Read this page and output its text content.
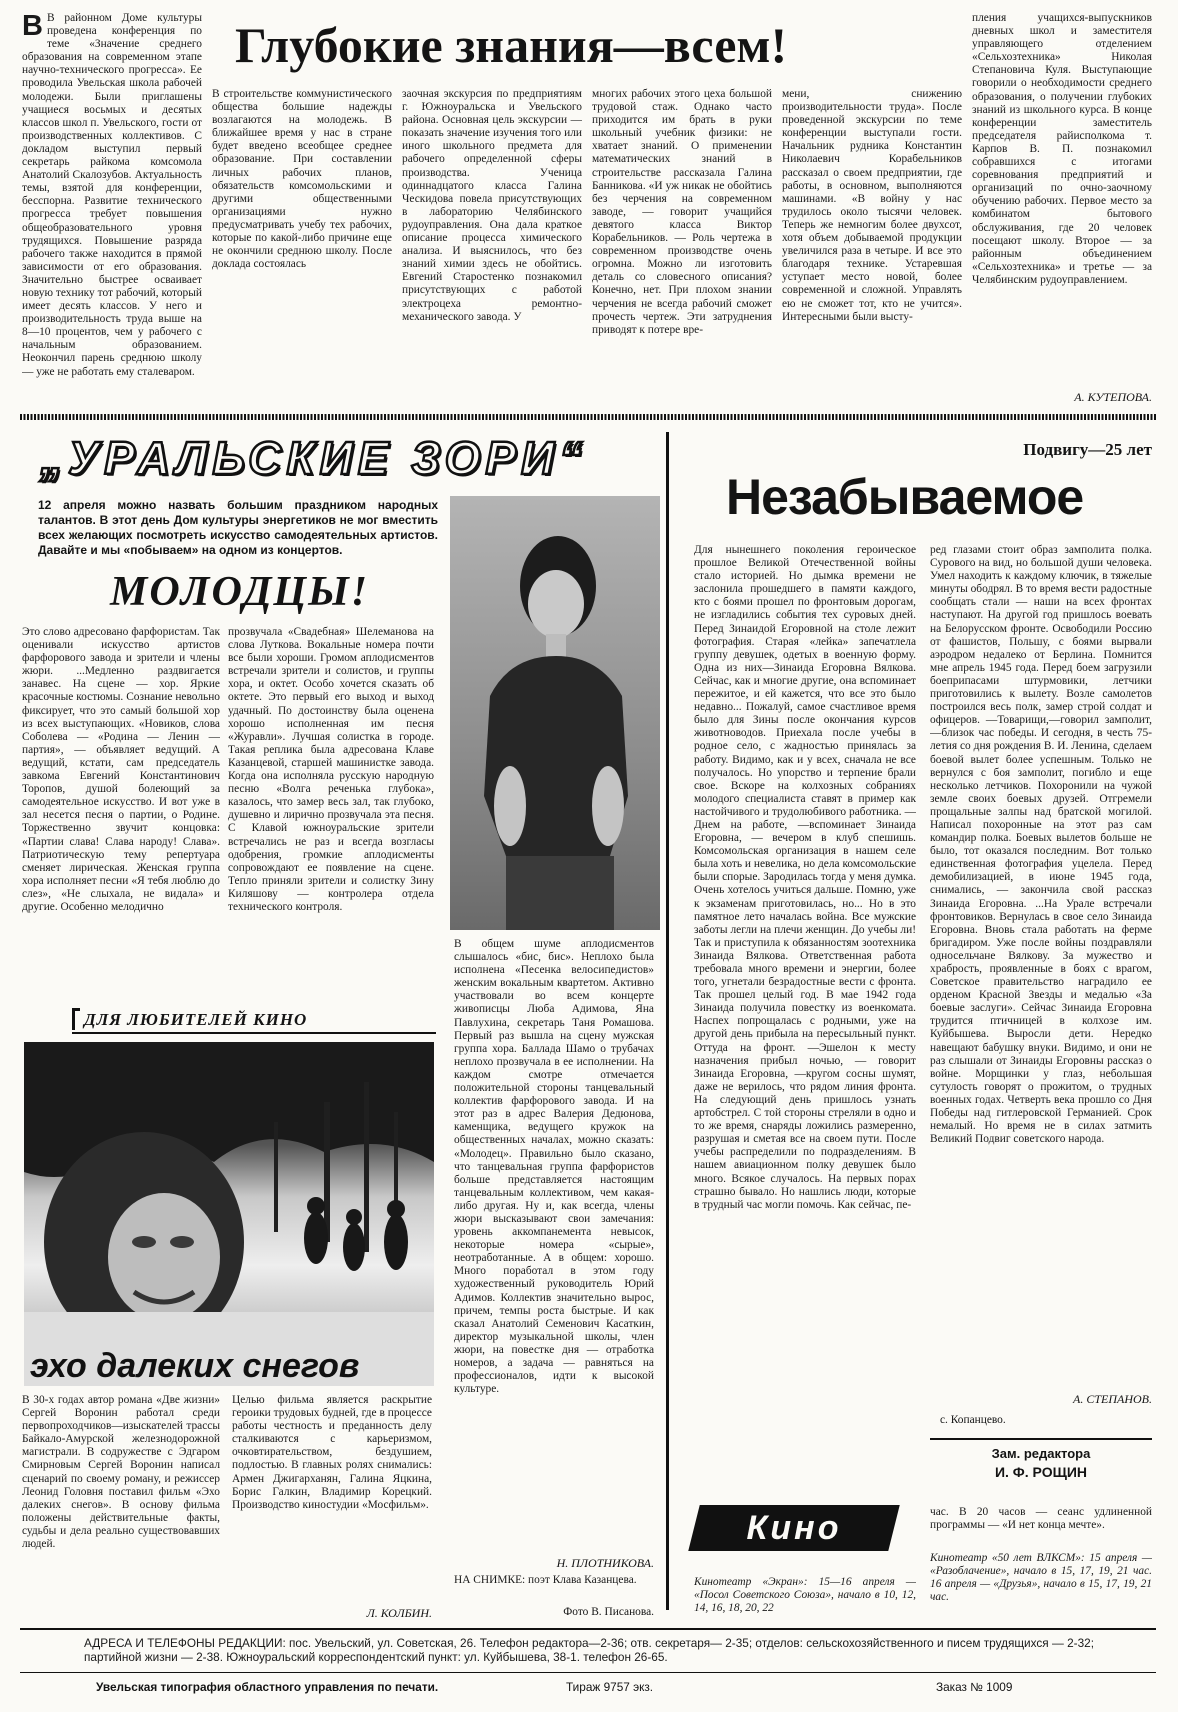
Глубокие знания—всем!
В В районном Доме культуры проведена конференция по теме «Значение среднего образования на современном этапе научно-технического прогресса». Ее проводила Увельская школа рабочей молодежи. Были приглашены учащиеся восьмых и десятых классов школ п. Увельского, гости от производственных коллективов. С докладом выступил первый секретарь райкома комсомола Анатолий Скалозубов. Актуальность темы, взятой для конференции, бесспорна. Развитие технического прогресса требует повышения общеобразовательного уровня трудящихся. Повышение разряда рабочего также находится в прямой зависимости от его образования. Значительно быстрее осваивает новую технику тот рабочий, который имеет десять классов. У него и производительность труда выше на 8—10 процентов, чем у рабочего с начальным образованием. Неокончил парень среднюю школу — уже не работать ему сталеваром.
В строительстве коммунистического общества большие надежды возлагаются на молодежь. В ближайшее время у нас в стране будет введено всеобщее среднее образование. При составлении личных рабочих планов, обязательств комсомольскими и другими общественными организациями нужно предусматривать учебу тех рабочих, которые по какой-либо причине еще не окончили среднюю школу. После доклада состоялась
заочная экскурсия по предприятиям г. Южноуральска и Увельского района. Основная цель экскурсии — показать значение изучения того или иного школьного предмета для рабочего определенной сферы производства. Ученица одиннадцатого класса Галина Ческидова повела присутствующих в лабораторию Челябинского рудоуправления. Она дала краткое описание процесса химического анализа. И выяснилось, что без знаний химии здесь не обойтись. Евгений Старостенко познакомил присутствующих с работой электроцеха ремонтно-механического завода. У
многих рабочих этого цеха большой трудовой стаж. Однако часто приходится им брать в руки школьный учебник физики: не хватает знаний. О применении математических знаний в строительстве рассказала Галина Банникова. «И уж никак не обойтись без черчения на современном заводе, — говорит учащийся девятого класса Виктор Корабельников. — Роль чертежа в современном производстве очень огромна. Можно ли изготовить деталь со словесного описания? Конечно, нет. При плохом знании черчения не всегда рабочий сможет прочесть чертеж. Эти затруднения приводят к потере вре-
мени, снижению производительности труда». После проведенной экскурсии по теме конференции выступали гости. Начальник рудника Константин Николаевич Корабельников рассказал о своем предприятии, где работы, в основном, выполняются машинами. «В войну у нас трудилось около тысячи человек. Теперь же немногим более двухсот, хотя объем добываемой продукции увеличился раза в четыре. И все это благодаря технике. Устаревшая уступает место новой, более современной и сложной. Управлять ею не сможет тот, кто не учится». Интересными были высту-
пления учащихся-выпускников дневных школ и заместителя управляющего отделением «Сельхозтехника» Николая Степановича Куля. Выступающие говорили о необходимости среднего образования, о получении глубоких знаний из школьного курса. В конце конференции заместитель председателя райисполкома т. Карпов В. П. познакомил собравшихся с итогами соревнования предприятий и организаций по очно-заочному обучению рабочих. Первое место за комбинатом бытового обслуживания, где 20 человек посещают школу. Второе — за районным объединением «Сельхозтехника» и третье — за Челябинским рудоуправлением.
А. КУТЕПОВА.
„УРАЛЬСКИЕ ЗОРИ“
12 апреля можно назвать большим праздником народных талантов. В этот день Дом культуры энергетиков не мог вместить всех желающих посмотреть искусство самодеятельных артистов. Давайте и мы «побываем» на одном из концертов.
МОЛОДЦЫ!
Это слово адресовано фарфористам. Так оценивали искусство артистов фарфорового завода и зрители и члены жюри. ...Медленно раздвигается занавес. На сцене — хор. Яркие красочные костюмы. Сознание невольно фиксирует, что это самый большой хор из всех выступающих. «Новиков, слова Соболева — «Родина — Ленин — партия», — объявляет ведущий. А ведущий, кстати, сам председатель завкома Евгений Константинович Торопов, душой болеющий за самодеятельное искусство. И вот уже в зал несется песня о партии, о Родине. Торжественно звучит концовка: «Партии слава! Слава народу! Слава». Патриотическую тему репертуара сменяет лирическая. Женская группа хора исполняет песни «Я тебя люблю до слез», «Не слыхала, не видала» и другие. Особенно мелодично
прозвучала «Свадебная» Шелеманова на слова Луткова. Вокальные номера почти все были хороши. Громом аплодисментов встречали зрители и солистов, и группы хора, и октет. Особо хочется сказать об октете. Это первый его выход и выход удачный. По достоинству была оценена хорошо исполненная им песня «Журавли». Лучшая солистка в городе. Такая реплика была адресована Клаве Казанцевой, старшей машинистке завода. Когда она исполняла русскую народную песню «Волга реченька глубока», казалось, что замер весь зал, так глубоко, душевно и лирично прозвучала эта песня. С Клавой южноуральские зрители встречались не раз и всегда возгласы одобрения, громкие аплодисменты сопровождают ее появление на сцене. Тепло приняли зрители и солистку Зину Киляшову — контролера отдела технического контроля.
В общем шуме аплодисментов слышалось «бис, бис». Неплохо была исполнена «Песенка велосипедистов» женским вокальным квартетом. Активно участвовали во всем концерте живописцы Люба Адимова, Яна Павлухина, секретарь Таня Ромашова. Первый раз вышла на сцену мужская группа хора. Баллада Шамо о трубачах неплохо прозвучала в ее исполнении. На каждом смотре отмечается положительной стороны танцевальный коллектив фарфорового завода. И на этот раз в адрес Валерия Дедюнова, каменщика, ведущего кружок на общественных началах, можно сказать: «Молодец». Правильно было сказано, что танцевальная группа фарфористов больше представляется настоящим танцевальным коллективом, чем какая-либо другая. Ну и, как всегда, члены жюри высказывают свои замечания: уровень аккомпанемента невысок, некоторые номера «сырые», неотработанные. А в общем: хорошо. Много поработал в этом году художественный руководитель Юрий Адимов. Коллектив значительно вырос, причем, темпы роста быстрые. И как сказал Анатолий Семенович Касаткин, директор музыкальной школы, член жюри, на повестке дня — отработка номеров, а задача — равняться на профессионалов, идти к высокой культуре.
Н. ПЛОТНИКОВА.
НА СНИМКЕ: поэт Клава Казанцева.
Фото В. Писанова.
ДЛЯ ЛЮБИТЕЛЕЙ КИНО
эхо далеких снегов
В 30-х годах автор романа «Две жизни» Сергей Воронин работал среди первопроходчиков—изыскателей трассы Байкало-Амурской железнодорожной магистрали. В содружестве с Эдгаром Смирновым Сергей Воронин написал сценарий по своему роману, и режиссер Леонид Головня поставил фильм «Эхо далеких снегов». В основу фильма положены действительные факты, судьбы и дела реально существовавших людей.
Целью фильма является раскрытие героики трудовых будней, где в процессе работы честность и преданность делу сталкиваются с карьеризмом, очковтирательством, бездушием, подлостью. В главных ролях снимались: Армен Джигарханян, Галина Яцкина, Борис Галкин, Владимир Корецкий. Производство киностудии «Мосфильм».
Л. КОЛБИН.
Подвигу—25 лет
Незабываемое
Для нынешнего поколения героическое прошлое Великой Отечественной войны стало историей. Но дымка времени не заслонила прошедшего в памяти каждого, кто с боями прошел по фронтовым дорогам, не изгладились события тех суровых дней. Перед Зинаидой Егоровной на столе лежит фотография. Старая «лейка» запечатлела группу девушек, одетых в военную форму. Одна из них—Зинаида Егоровна Вялкова. Сейчас, как и многие другие, она вспоминает пережитое, и ей кажется, что все это было недавно... Пожалуй, самое счастливое время было для Зины после окончания курсов животноводов. Приехала после учебы в родное село, с жадностью принялась за работу. Видимо, как и у всех, сначала не все получалось. Но упорство и терпение брали свое. Вскоре на колхозных собраниях молодого специалиста ставят в пример как настойчивого и трудолюбивого работника. —Днем на работе, —вспоминает Зинаида Егоровна, — вечером в клуб спешишь. Комсомольская организация в нашем селе была хоть и невелика, но дела комсомольские были спорые. Зародилась тогда у меня думка. Очень хотелось учиться дальше. Помню, уже к экзаменам приготовилась, но... Но в это памятное лето началась война. Все мужские заботы легли на плечи женщин. До учебы ли! Так и приступила к обязанностям зоотехника Зинаида Вялкова. Ответственная работа требовала много времени и энергии, более того, угнетали безрадостные вести с фронта. Так прошел целый год. В мае 1942 года Зинаида получила повестку из военкомата. Наспех попрощалась с родными, уже на другой день прибыла на пересыльный пункт. Оттуда на фронт. —Эшелон к месту назначения прибыл ночью, — говорит Зинаида Егоровна, —кругом сосны шумят, даже не верилось, что рядом линия фронта. На следующий день пришлось узнать артобстрел. С той стороны стреляли в одно и то же время, снаряды ложились размеренно, разрушая и сметая все на своем пути. После учебы распределили по подразделениям. В нашем авиационном полку девушек было много. Всякое случалось. На первых порах страшно бывало. Но нашлись люди, которые в трудный час могли помочь. Как сейчас, пе-
ред глазами стоит образ замполита полка. Сурового на вид, но большой души человека. Умел находить к каждому ключик, в тяжелые минуты ободрял. В то время вести радостные сообщать стали — наши на всех фронтах наступают. На другой год пришлось воевать на Белорусском фронте. Освободили Россию от фашистов, Польшу, с боями вырвали аэродром недалеко от Берлина. Помнится мне апрель 1945 года. Перед боем загрузили боеприпасами штурмовики, летчики приготовились к вылету. Возле самолетов построился весь полк, замер строй солдат и офицеров. —Товарищи,—говорил замполит, —близок час победы. И сегодня, в честь 75-летия со дня рождения В. И. Ленина, сделаем боевой вылет более успешным. Только не вернулся с боя замполит, погибло и еще несколько летчиков. Похоронили на чужой земле своих боевых друзей. Отгремели прощальные залпы над братской могилой. Написал похоронные на этот раз сам командир полка. Боевых вылетов больше не было, тот оказался последним. Вот только единственная фотография уцелела. Перед демобилизацией, в июне 1945 года, снимались, — закончила свой рассказ Зинаида Егоровна. ...На Урале встречали фронтовиков. Вернулась в свое село Зинаида Егоровна. Вновь стала работать на ферме бригадиром. Уже после войны поздравляли односельчане Вялкову. За мужество и храбрость, проявленные в боях с врагом, Советское правительство наградило ее орденом Красной Звезды и медалью «За боевые заслуги». Сейчас Зинаида Егоровна трудится птичницей в колхозе им. Куйбышева. Выросли дети. Нередко навещают бабушку внуки. Видимо, и они не раз слышали от Зинаиды Егоровны рассказ о войне. Морщинки у глаз, небольшая сутулость говорят о прожитом, о трудных военных годах. Четверть века прошло со Дня Победы над гитлеровской Германией. Срок немалый. Но время не в силах затмить Великий Подвиг советского народа.
А. СТЕПАНОВ.
с. Копанцево.
Зам. редактора
И. Ф. РОЩИН
Кино
Кинотеатр «Экран»: 15—16 апреля — «Посол Советского Союза», начало в 10, 12, 14, 16, 18, 20, 22
час. В 20 часов — сеанс удлиненной программы — «И нет конца мечте».
Кинотеатр «50 лет ВЛКСМ»: 15 апреля — «Разоблачение», начало в 15, 17, 19, 21 час. 16 апреля — «Друзья», начало в 15, 17, 19, 21 час.
АДРЕСА И ТЕЛЕФОНЫ РЕДАКЦИИ: пос. Увельский, ул. Советская, 26. Телефон редактора—2-36; отв. секретаря— 2-35; отделов: сельскохозяйственного и писем трудящихся — 2-32; партийной жизни — 2-38. Южноуральский корреспондентский пункт: ул. Куйбышева, 38-1. телефон 26-65.
Увельская типография областного управления по печати.	Тираж 9757 экз.	Заказ № 1009
